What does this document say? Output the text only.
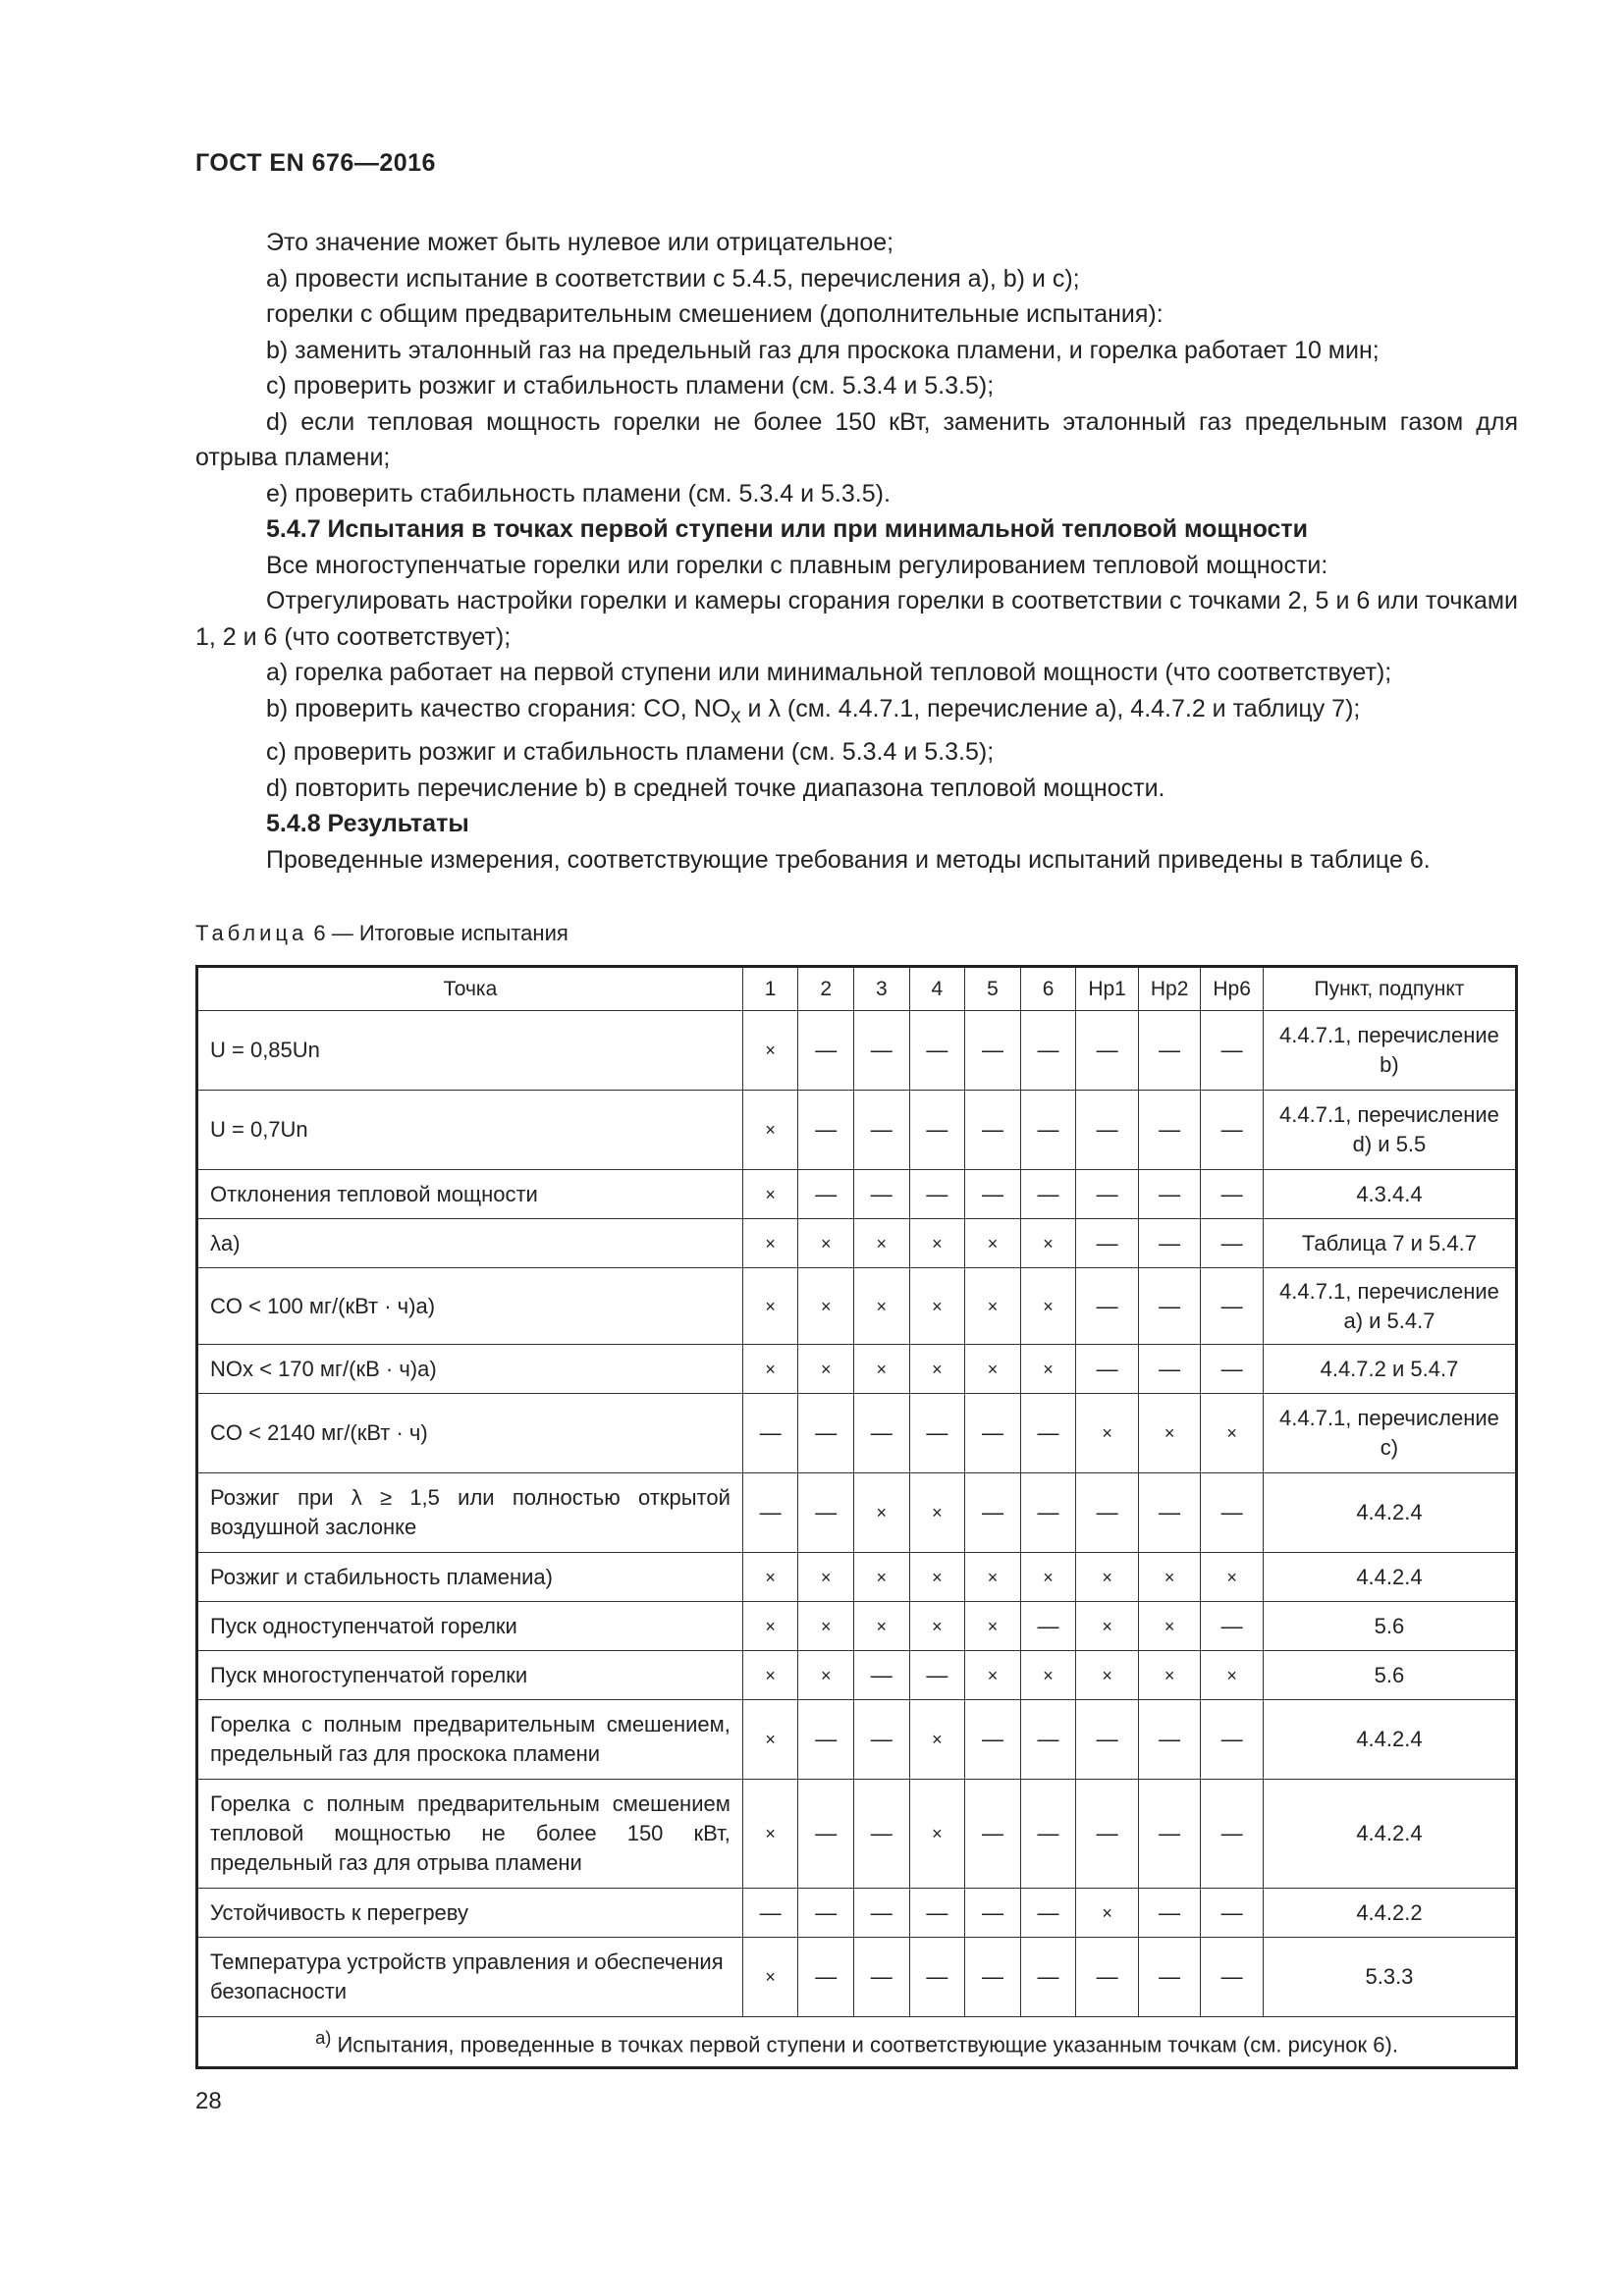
ГОСТ EN 676—2016

Это значение может быть нулевое или отрицательное;

a) провести испытание в соответствии с 5.4.5, перечисления a), b) и c);

горелки с общим предварительным смешением (дополнительные испытания):

b) заменить эталонный газ на предельный газ для проскока пламени, и горелка работает 10 мин;

c) проверить розжиг и стабильность пламени (см. 5.3.4 и 5.3.5);

d) если тепловая мощность горелки не более 150 кВт, заменить эталонный газ предельным газом для отрыва пламени;

e) проверить стабильность пламени (см. 5.3.4 и 5.3.5).

5.4.7 Испытания в точках первой ступени или при минимальной тепловой мощности

Все многоступенчатые горелки или горелки с плавным регулированием тепловой мощности:

Отрегулировать настройки горелки и камеры сгорания горелки в соответствии с точками 2, 5 и 6 или точками 1, 2 и 6 (что соответствует);

a) горелка работает на первой ступени или минимальной тепловой мощности (что соответствует);

b) проверить качество сгорания: CO, $NO_x$ и λ (см. 4.4.7.1, перечисление a), 4.4.7.2 и таблицу 7);

c) проверить розжиг и стабильность пламени (см. 5.3.4 и 5.3.5);

d) повторить перечисление b) в средней точке диапазона тепловой мощности.

5.4.8 Результаты

Проведенные измерения, соответствующие требования и методы испытаний приведены в таблице 6.

Таблица 6 — Итоговые испытания
Точка	1	2	3	4	5	6	Hp1	Hp2	Hp6	Пункт, подпункт
U = 0,85Un	×	—	—	—	—	—	—	—	—	4.4.7.1, перечисление b)
U = 0,7Un	×	—	—	—	—	—	—	—	—	4.4.7.1, перечисление d) и 5.5
Отклонения тепловой мощности	×	—	—	—	—	—	—	—	—	4.3.4.4
λa)	×	×	×	×	×	×	—	—	—	Таблица 7 и 5.4.7
CO < 100 мг/(кВт · ч)a)	×	×	×	×	×	×	—	—	—	4.4.7.1, перечисление a) и 5.4.7
NOx < 170 мг/(кВ · ч)a)	×	×	×	×	×	×	—	—	—	4.4.7.2 и 5.4.7
CO < 2140 мг/(кВт · ч)	—	—	—	—	—	—	×	×	×	4.4.7.1, перечисление c)
Розжиг при λ ≥ 1,5 или полностью открытой воздушной заслонке	—	—	×	×	—	—	—	—	—	4.4.2.4
Розжиг и стабильность пламениa)	×	×	×	×	×	×	×	×	×	4.4.2.4
Пуск одноступенчатой горелки	×	×	×	×	×	—	×	×	—	5.6
Пуск многоступенчатой горелки	×	×	—	—	×	×	×	×	×	5.6
Горелка с полным предварительным смешением, предельный газ для проскока пламени	×	—	—	×	—	—	—	—	—	4.4.2.4
Горелка с полным предварительным смешением тепловой мощностью не более 150 кВт, предельный газ для отрыва пламени	×	—	—	×	—	—	—	—	—	4.4.2.4
Устойчивость к перегреву	—	—	—	—	—	—	×	—	—	4.4.2.2
Температура устройств управления и обеспечения безопасности	×	—	—	—	—	—	—	—	—	5.3.3
$^{a)}$ Испытания, проведенные в точках первой ступени и соответствующие указанным точкам (см. рисунок 6).										
28
